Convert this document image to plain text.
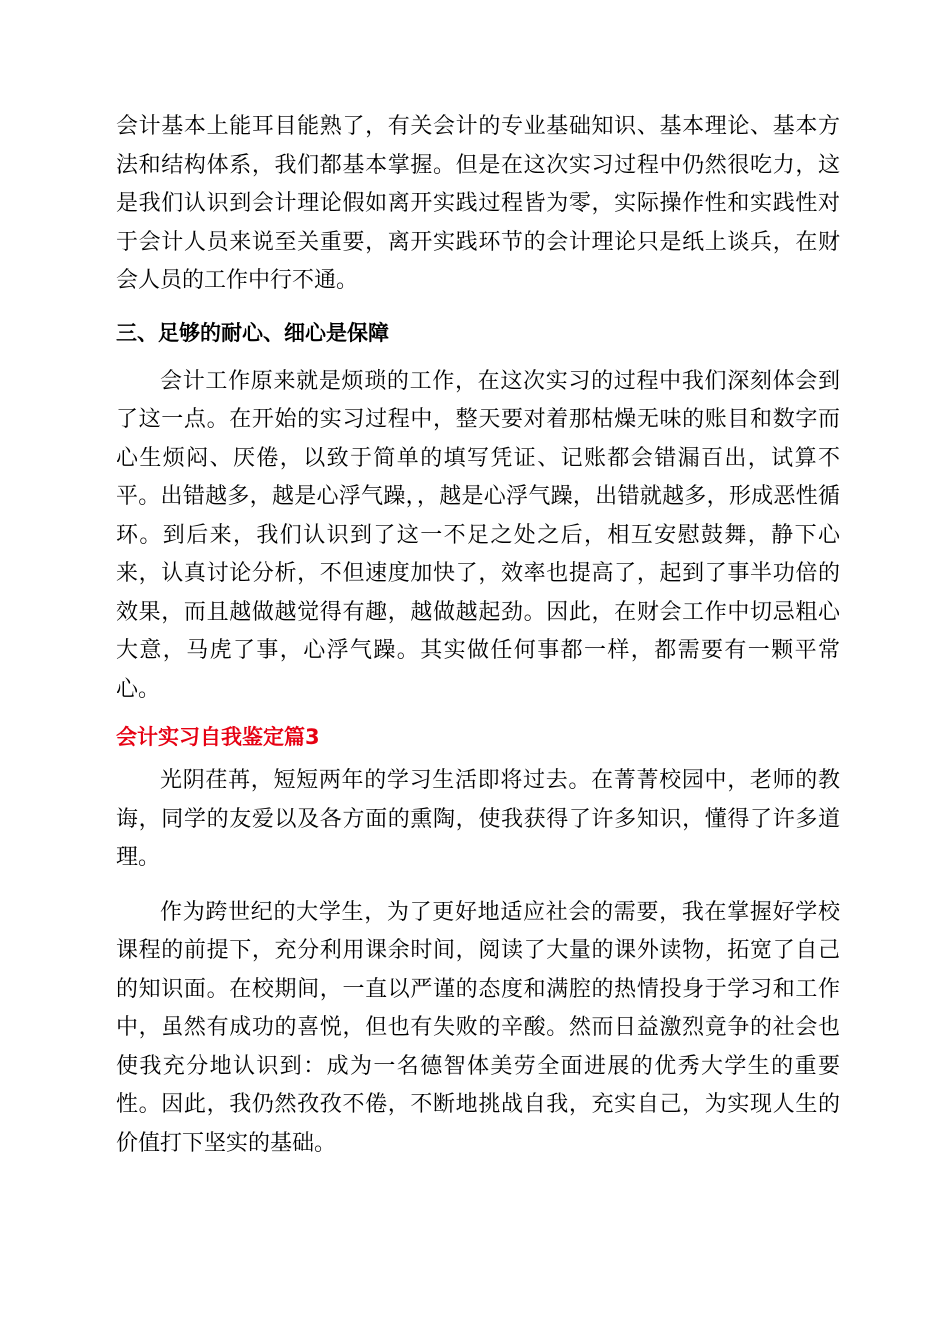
会计基本上能耳目能熟了，有关会计的专业基础知识、基本理论、基本方法和结构体系，我们都基本掌握。但是在这次实习过程中仍然很吃力，这是我们认识到会计理论假如离开实践过程皆为零，实际操作性和实践性对于会计人员来说至关重要，离开实践环节的会计理论只是纸上谈兵，在财会人员的工作中行不通。

三、足够的耐心、细心是保障

会计工作原来就是烦琐的工作，在这次实习的过程中我们深刻体会到了这一点。在开始的实习过程中，整天要对着那枯燥无味的账目和数字而心生烦闷、厌倦，以致于简单的填写凭证、记账都会错漏百出，试算不平。出错越多，越是心浮气躁，，越是心浮气躁，出错就越多，形成恶性循环。到后来，我们认识到了这一不足之处之后，相互安慰鼓舞，静下心来，认真讨论分析，不但速度加快了，效率也提高了，起到了事半功倍的效果，而且越做越觉得有趣，越做越起劲。因此，在财会工作中切忌粗心大意，马虎了事，心浮气躁。其实做任何事都一样，都需要有一颗平常心。

会计实习自我鉴定篇3

光阴荏苒，短短两年的学习生活即将过去。在菁菁校园中，老师的教诲，同学的友爱以及各方面的熏陶，使我获得了许多知识，懂得了许多道理。

作为跨世纪的大学生，为了更好地适应社会的需要，我在掌握好学校课程的前提下，充分利用课余时间，阅读了大量的课外读物，拓宽了自己的知识面。在校期间，一直以严谨的态度和满腔的热情投身于学习和工作中，虽然有成功的喜悦，但也有失败的辛酸。然而日益激烈竟争的社会也使我充分地认识到：成为一名德智体美劳全面进展的优秀大学生的重要性。因此，我仍然孜孜不倦，不断地挑战自我，充实自己，为实现人生的价值打下坚实的基础。
